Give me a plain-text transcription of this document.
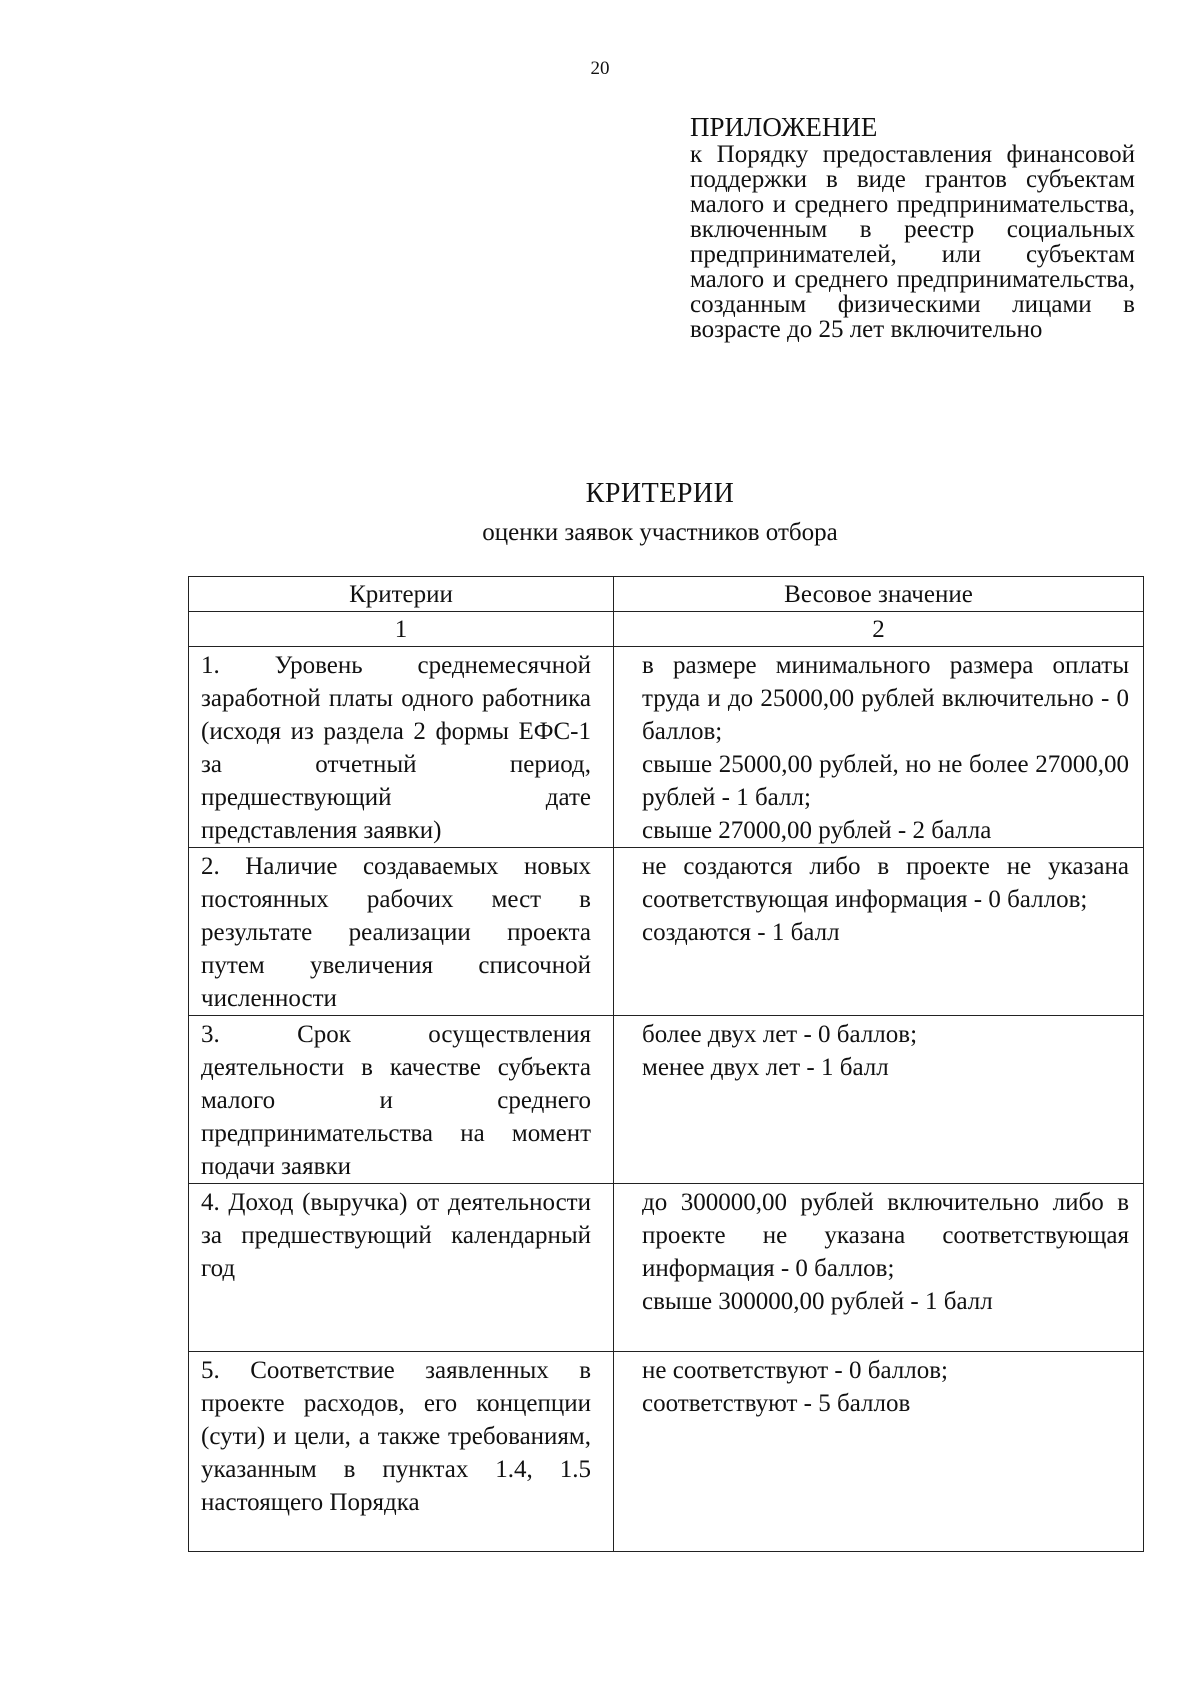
20
ПРИЛОЖЕНИЕ
к Порядку предоставления финансовой поддержки в виде грантов субъектам малого и среднего предпринимательства, включенным в реестр социальных предпринимателей, или субъектам малого и среднего предпринимательства, созданным физическими лицами в возрасте до 25 лет включительно
КРИТЕРИИ
оценки заявок участников отбора
Критерии	Весовое значение
1	2
1. Уровень среднемесячной заработной платы одного работника (исходя из раздела 2 формы ЕФС-1 за отчетный период, предшествующий дате представления заявки)	в размере минимального размера оплаты труда и до 25000,00 рублей включительно - 0 баллов;
свыше 25000,00 рублей, но не более 27000,00 рублей - 1 балл;
свыше 27000,00 рублей - 2 балла

2. Наличие создаваемых новых постоянных рабочих мест в результате реализации проекта путем увеличения списочной численности	не создаются либо в проекте не указана соответствующая информация - 0 баллов;
создаются - 1 балл

3. Срок осуществления деятельности в качестве субъекта малого и среднего предпринимательства на момент подачи заявки	более двух лет - 0 баллов;
менее двух лет - 1 балл

4. Доход (выручка) от деятельности за предшествующий календарный год	до 300000,00 рублей включительно либо в проекте не указана соответствующая информация - 0 баллов;
свыше 300000,00 рублей - 1 балл

5. Соответствие заявленных в проекте расходов, его концепции (сути) и цели, а также требованиям, указанным в пунктах 1.4, 1.5 настоящего Порядка	не соответствуют - 0 баллов;
соответствуют - 5 баллов
